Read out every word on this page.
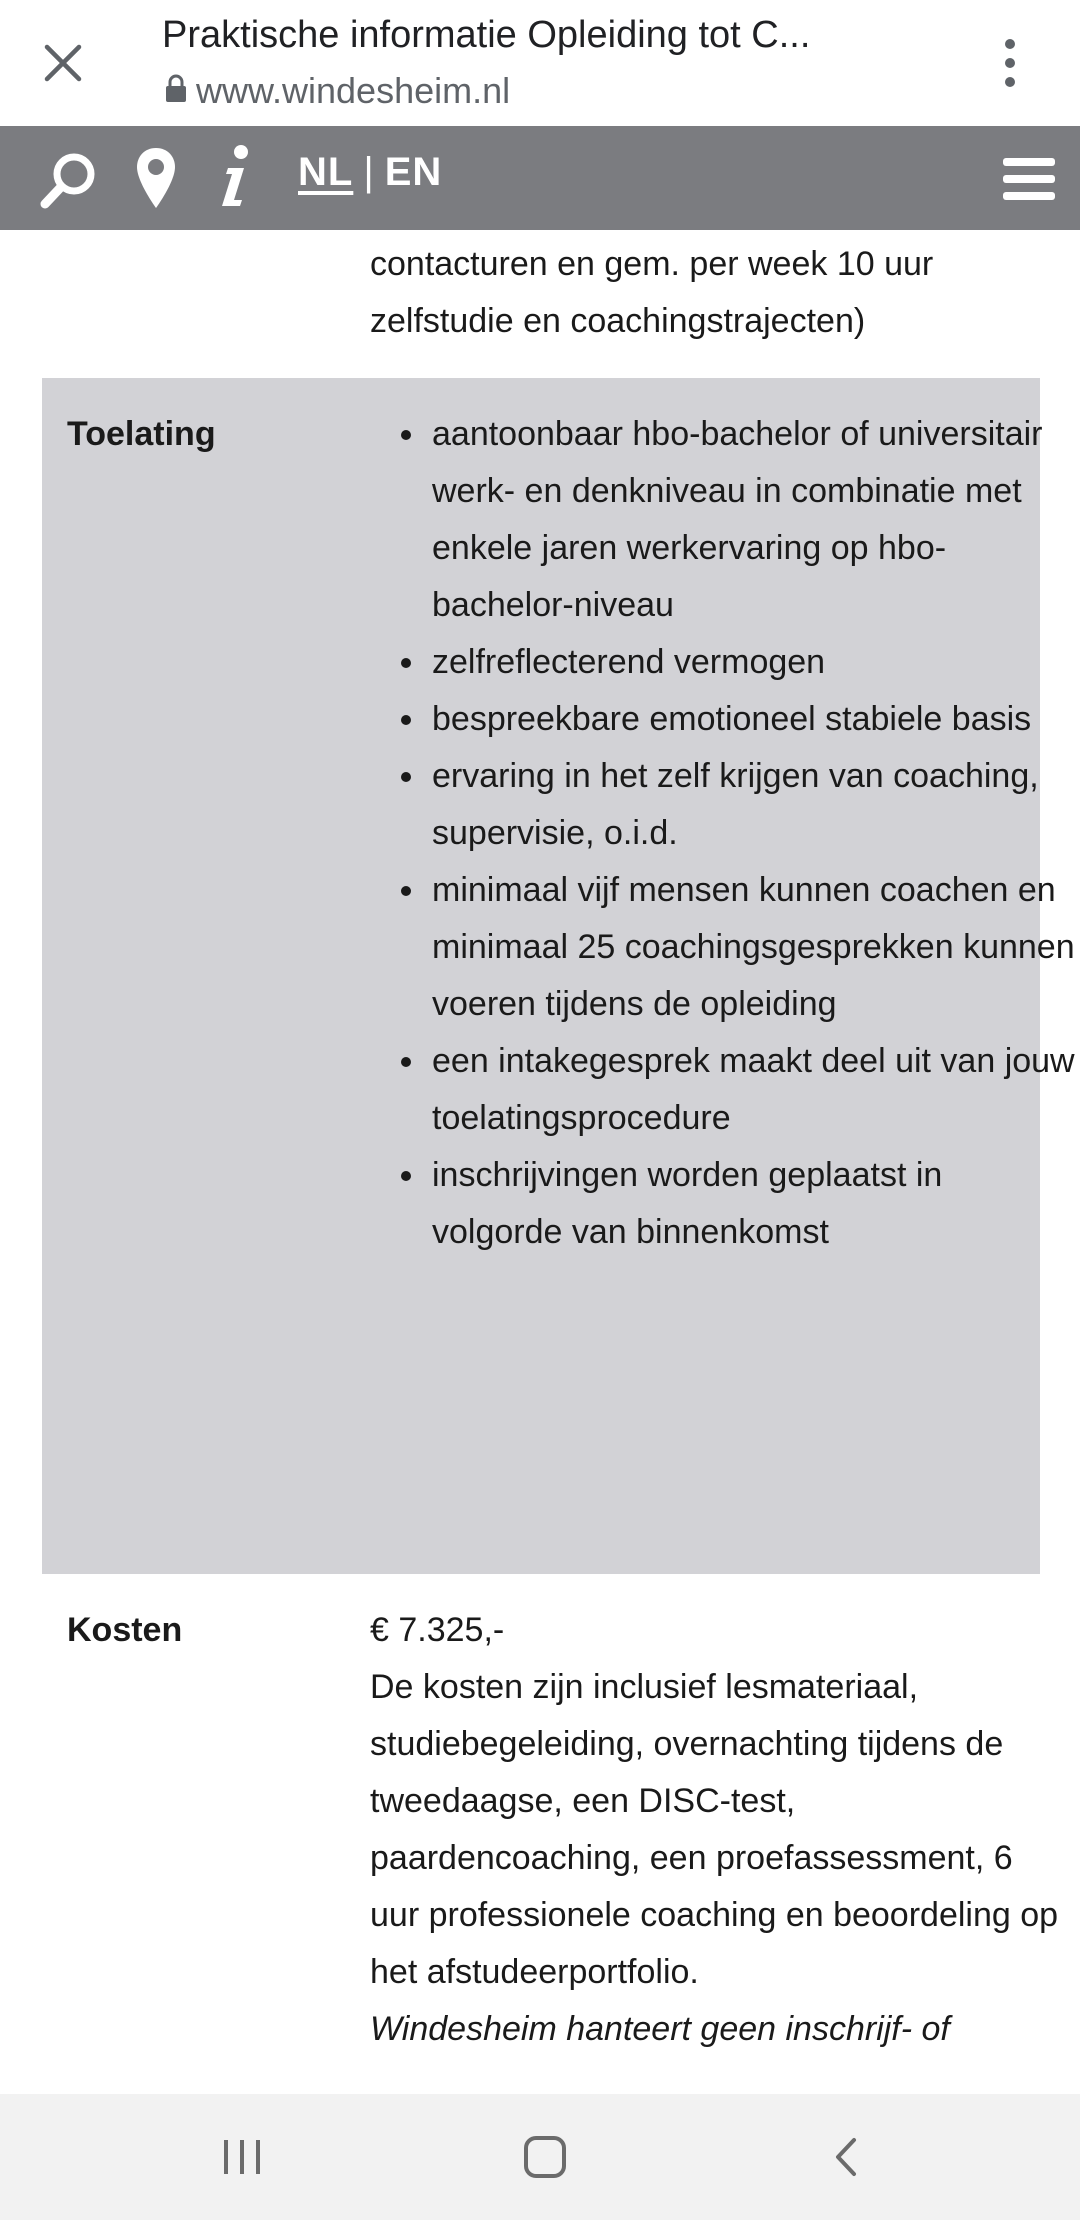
Praktische informatie Opleiding tot C...
www.windesheim.nl
NL | EN
contacturen en gem. per week 10 uur zelfstudie en coachingstrajecten)
Toelating
•	aantoonbaar hbo-bachelor of universitair werk- en denkniveau in combinatie met enkele jaren werkervaring op hbo-bachelor-niveau
• zelfreflecterend vermogen
• bespreekbare emotioneel stabiele basis
• ervaring in het zelf krijgen van coaching, supervisie, o.i.d.
• minimaal vijf mensen kunnen coachen en minimaal 25 coachingsgesprekken kunnen voeren tijdens de opleiding
• een intakegesprek maakt deel uit van jouw toelatingsprocedure
• inschrijvingen worden geplaatst in volgorde van binnenkomst
Kosten	€ 7.325,-
De kosten zijn inclusief lesmateriaal, studiebegeleiding, overnachting tijdens de tweedaagse, een DISC-test, paardencoaching, een proefassessment, 6 uur professionele coaching en beoordeling op het afstudeerportfolio.
Windesheim hanteert geen inschrijf- of
